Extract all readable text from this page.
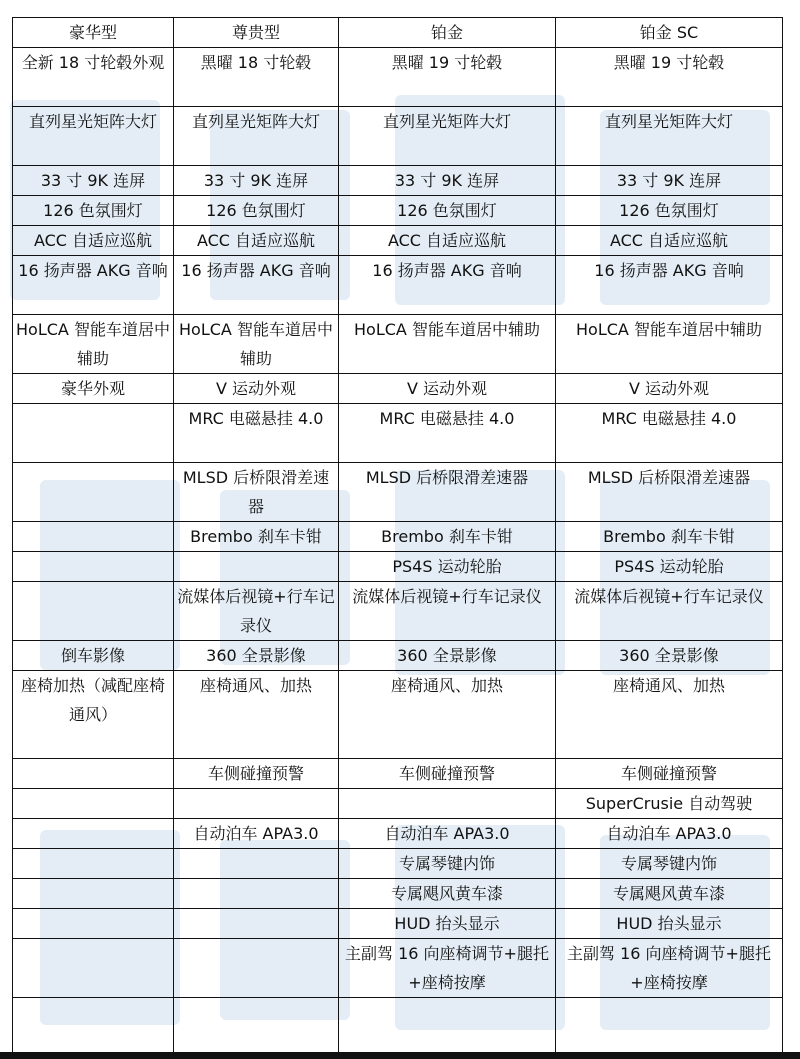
豪华型	尊贵型	铂金	铂金 SC
全新 18 寸轮毂外观	黑曜 18 寸轮毂	黑曜 19 寸轮毂	黑曜 19 寸轮毂
直列星光矩阵大灯	直列星光矩阵大灯	直列星光矩阵大灯	直列星光矩阵大灯
33 寸 9K 连屏	33 寸 9K 连屏	33 寸 9K 连屏	33 寸 9K 连屏
126 色氛围灯	126 色氛围灯	126 色氛围灯	126 色氛围灯
ACC 自适应巡航	ACC 自适应巡航	ACC 自适应巡航	ACC 自适应巡航
16 扬声器 AKG 音响	16 扬声器 AKG 音响	16 扬声器 AKG 音响	16 扬声器 AKG 音响
HoLCA 智能车道居中辅助	HoLCA 智能车道居中辅助	HoLCA 智能车道居中辅助	HoLCA 智能车道居中辅助
豪华外观	V 运动外观	V 运动外观	V 运动外观
	MRC 电磁悬挂 4.0	MRC 电磁悬挂 4.0	MRC 电磁悬挂 4.0
	MLSD 后桥限滑差速器	MLSD 后桥限滑差速器	MLSD 后桥限滑差速器
	Brembo 刹车卡钳	Brembo 刹车卡钳	Brembo 刹车卡钳
		PS4S 运动轮胎	PS4S 运动轮胎
	流媒体后视镜+行车记录仪	流媒体后视镜+行车记录仪	流媒体后视镜+行车记录仪
倒车影像	360 全景影像	360 全景影像	360 全景影像
座椅加热（减配座椅通风）	座椅通风、加热	座椅通风、加热	座椅通风、加热
	车侧碰撞预警	车侧碰撞预警	车侧碰撞预警
			SuperCrusie 自动驾驶
	自动泊车 APA3.0	自动泊车 APA3.0	自动泊车 APA3.0
		专属琴键内饰	专属琴键内饰
		专属飓风黄车漆	专属飓风黄车漆
		HUD 抬头显示	HUD 抬头显示
		主副驾 16 向座椅调节+腿托+座椅按摩	主副驾 16 向座椅调节+腿托+座椅按摩
